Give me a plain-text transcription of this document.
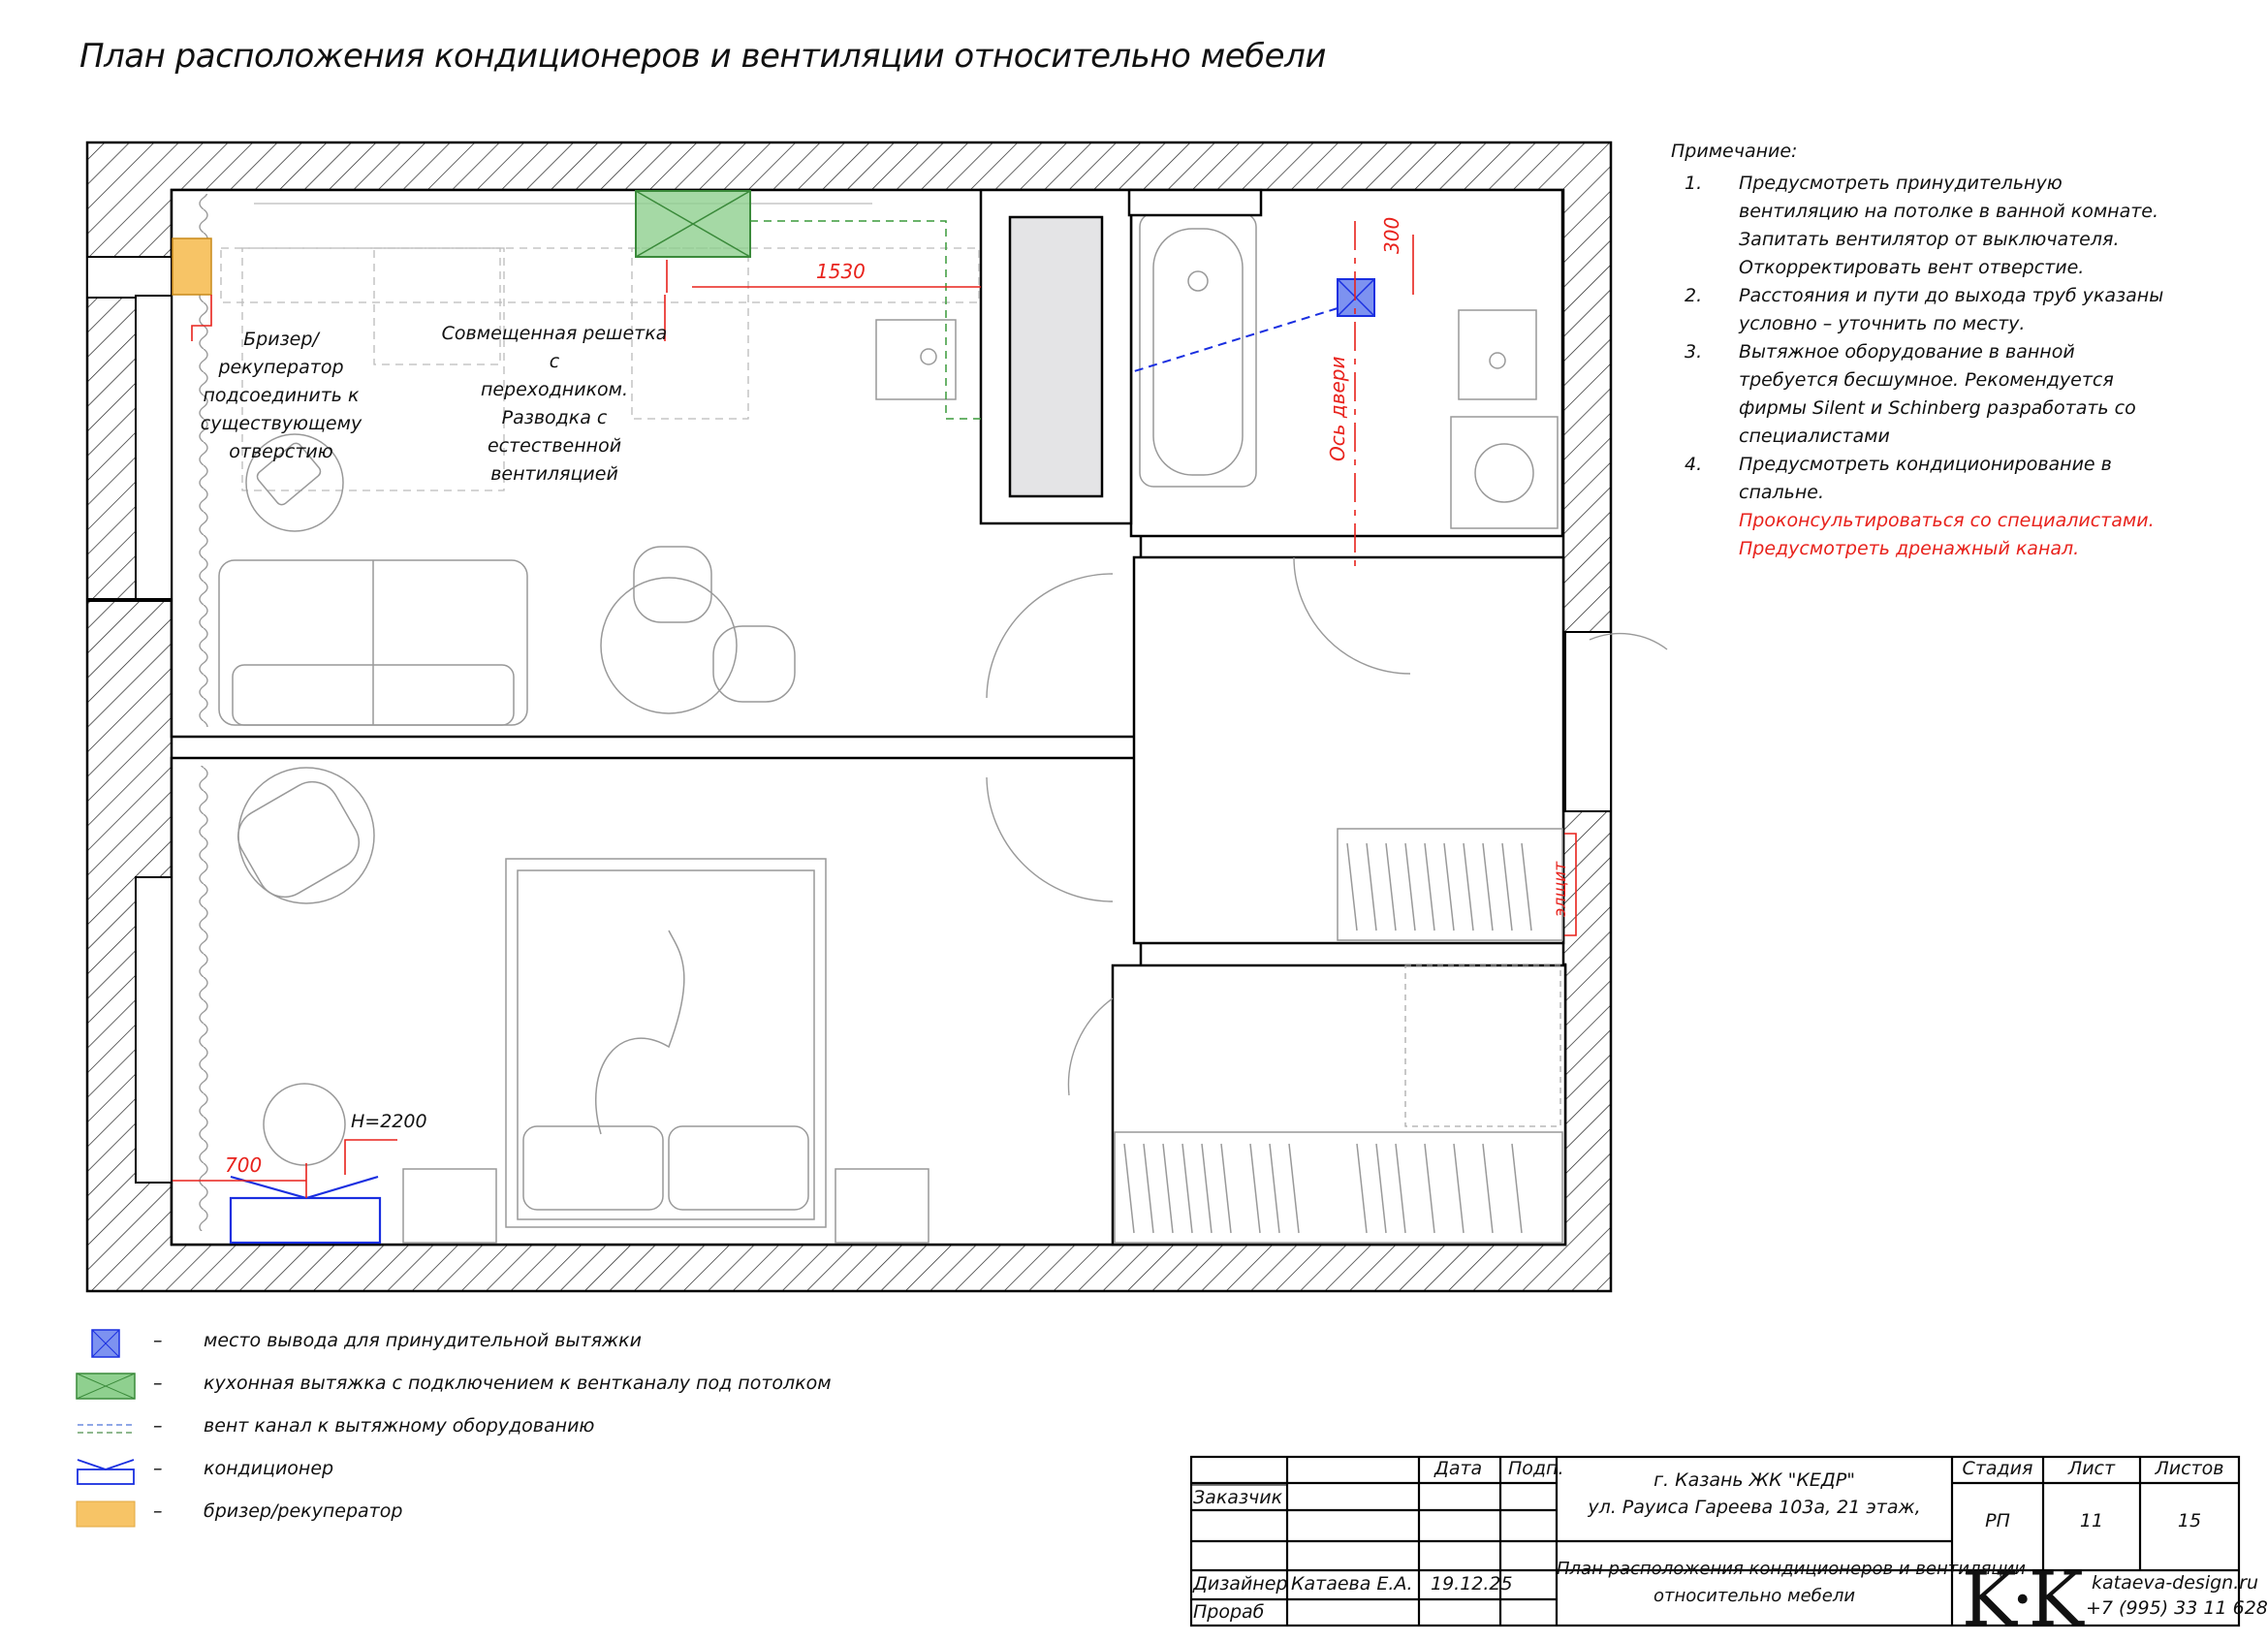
План расположения кондиционеров и вентиляции относительно мебели
Бризер/рекуператор
подсоединить к
существующему
отверстию
Совмещенная решетка с
переходником. Разводка с
естественной вентиляцией
1530
300
700
H=2200
Ось двери
элщит
Примечание:
1. Предусмотреть принудительную вентиляцию на потолке в ванной комнате. Запитать вентилятор от выключателя. Откорректировать вент отверстие.
2. Расстояния и пути до выхода труб указаны условно – уточнить по месту.
3. Вытяжное оборудование в ванной требуется бесшумное. Рекомендуется фирмы Silent и Schinberg разработать со специалистами
4. Предусмотреть кондиционирование в спальне.
Проконсультироваться со специалистами.
Предусмотреть дренажный канал.
– место вывода для принудительной вытяжки
– кухонная вытяжка с подключением к вентканалу под потолком
– вент канал к вытяжному оборудованию
– кондиционер
– бризер/рекуператор
Дата Подп.
Заказчик
Дизайнер Катаева Е.А. 19.12.25
Прораб
г. Казань ЖК "КЕДР"
ул. Рауиса Гареева 103а, 21 этаж,
План расположения кондиционеров и вентиляции
относительно мебели
Стадия	Лист	Листов
РП	11	15
K·K kataeva-design.ru
+7 (995) 33 11 628
